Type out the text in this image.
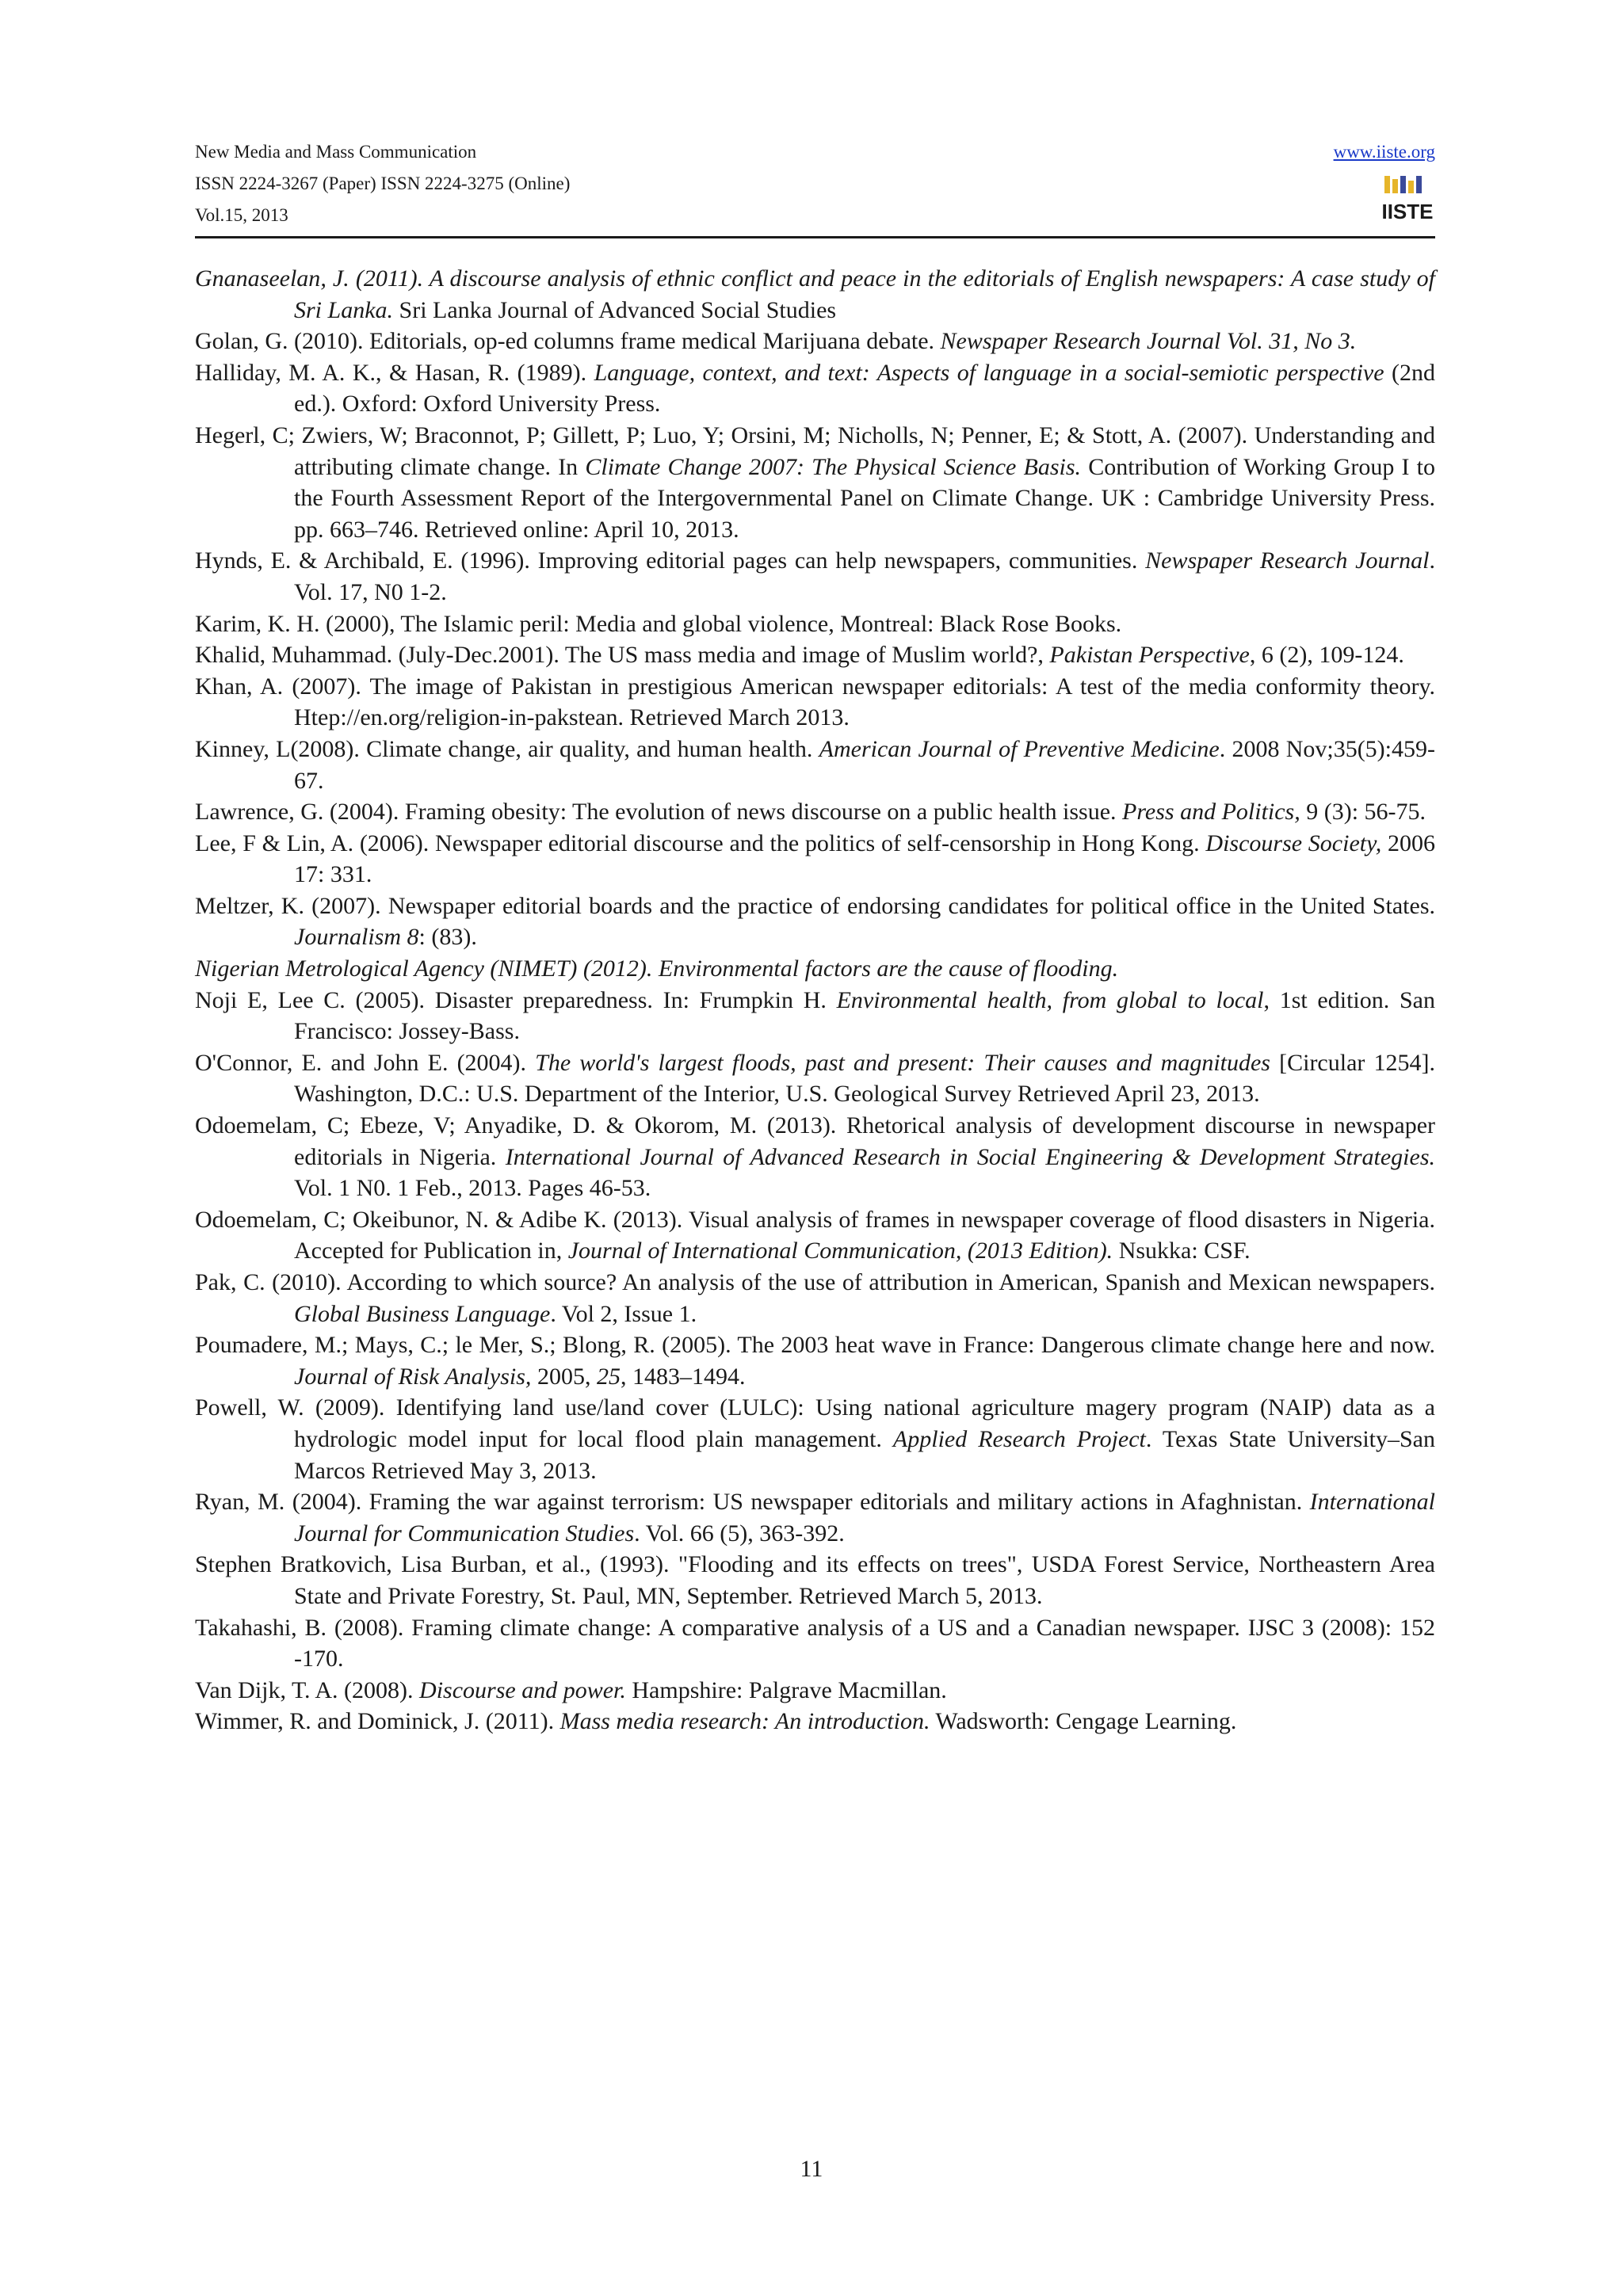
New Media and Mass Communication
ISSN 2224-3267 (Paper) ISSN 2224-3275 (Online)
Vol.15, 2013
www.iiste.org
IISTE

Gnanaseelan, J. (2011). A discourse analysis of ethnic conflict and peace in the editorials of English newspapers: A case study of Sri Lanka. Sri Lanka Journal of Advanced Social Studies

Golan, G. (2010). Editorials, op-ed columns frame medical Marijuana debate. Newspaper Research Journal Vol. 31, No 3.

Halliday, M. A. K., & Hasan, R. (1989). Language, context, and text: Aspects of language in a social-semiotic perspective (2nd ed.). Oxford: Oxford University Press.

Hegerl, C; Zwiers, W; Braconnot, P; Gillett, P; Luo, Y; Orsini, M; Nicholls, N; Penner, E; & Stott, A. (2007). Understanding and attributing climate change. In Climate Change 2007: The Physical Science Basis. Contribution of Working Group I to the Fourth Assessment Report of the Intergovernmental Panel on Climate Change. UK : Cambridge University Press. pp. 663–746. Retrieved online: April 10, 2013.

Hynds, E. & Archibald, E. (1996). Improving editorial pages can help newspapers, communities. Newspaper Research Journal. Vol. 17, N0 1-2.

Karim, K. H. (2000), The Islamic peril: Media and global violence, Montreal: Black Rose Books.

Khalid, Muhammad. (July-Dec.2001). The US mass media and image of Muslim world?, Pakistan Perspective, 6 (2), 109-124.

Khan, A. (2007). The image of Pakistan in prestigious American newspaper editorials: A test of the media conformity theory. Htep://en.org/religion-in-pakstean. Retrieved March 2013.

Kinney, L(2008). Climate change, air quality, and human health. American Journal of Preventive Medicine. 2008 Nov;35(5):459-67.

Lawrence, G. (2004). Framing obesity: The evolution of news discourse on a public health issue. Press and Politics, 9 (3): 56-75.

Lee, F & Lin, A. (2006). Newspaper editorial discourse and the politics of self-censorship in Hong Kong. Discourse Society, 2006 17: 331.

Meltzer, K. (2007). Newspaper editorial boards and the practice of endorsing candidates for political office in the United States. Journalism 8: (83).

Nigerian Metrological Agency (NIMET) (2012). Environmental factors are the cause of flooding.

Noji E, Lee C. (2005). Disaster preparedness. In: Frumpkin H. Environmental health, from global to local, 1st edition. San Francisco: Jossey-Bass.

O'Connor, E. and John E. (2004). The world's largest floods, past and present: Their causes and magnitudes [Circular 1254]. Washington, D.C.: U.S. Department of the Interior, U.S. Geological Survey Retrieved April 23, 2013.

Odoemelam, C; Ebeze, V; Anyadike, D. & Okorom, M. (2013). Rhetorical analysis of development discourse in newspaper editorials in Nigeria. International Journal of Advanced Research in Social Engineering & Development Strategies. Vol. 1 N0. 1 Feb., 2013. Pages 46-53.

Odoemelam, C; Okeibunor, N. & Adibe K. (2013). Visual analysis of frames in newspaper coverage of flood disasters in Nigeria. Accepted for Publication in, Journal of International Communication, (2013 Edition). Nsukka: CSF.

Pak, C. (2010). According to which source? An analysis of the use of attribution in American, Spanish and Mexican newspapers. Global Business Language. Vol 2, Issue 1.

Poumadere, M.; Mays, C.; le Mer, S.; Blong, R. (2005). The 2003 heat wave in France: Dangerous climate change here and now. Journal of Risk Analysis, 2005, 25, 1483–1494.

Powell, W. (2009). Identifying land use/land cover (LULC): Using national agriculture magery program (NAIP) data as a hydrologic model input for local flood plain management. Applied Research Project. Texas State University–San Marcos Retrieved May 3, 2013.

Ryan, M. (2004). Framing the war against terrorism: US newspaper editorials and military actions in Afaghnistan. International Journal for Communication Studies. Vol. 66 (5), 363-392.

Stephen Bratkovich, Lisa Burban, et al., (1993). "Flooding and its effects on trees", USDA Forest Service, Northeastern Area State and Private Forestry, St. Paul, MN, September. Retrieved March 5, 2013.

Takahashi, B. (2008). Framing climate change: A comparative analysis of a US and a Canadian newspaper. IJSC 3 (2008): 152 -170.

Van Dijk, T. A. (2008). Discourse and power. Hampshire: Palgrave Macmillan.

Wimmer, R. and Dominick, J. (2011). Mass media research: An introduction. Wadsworth: Cengage Learning.

11
